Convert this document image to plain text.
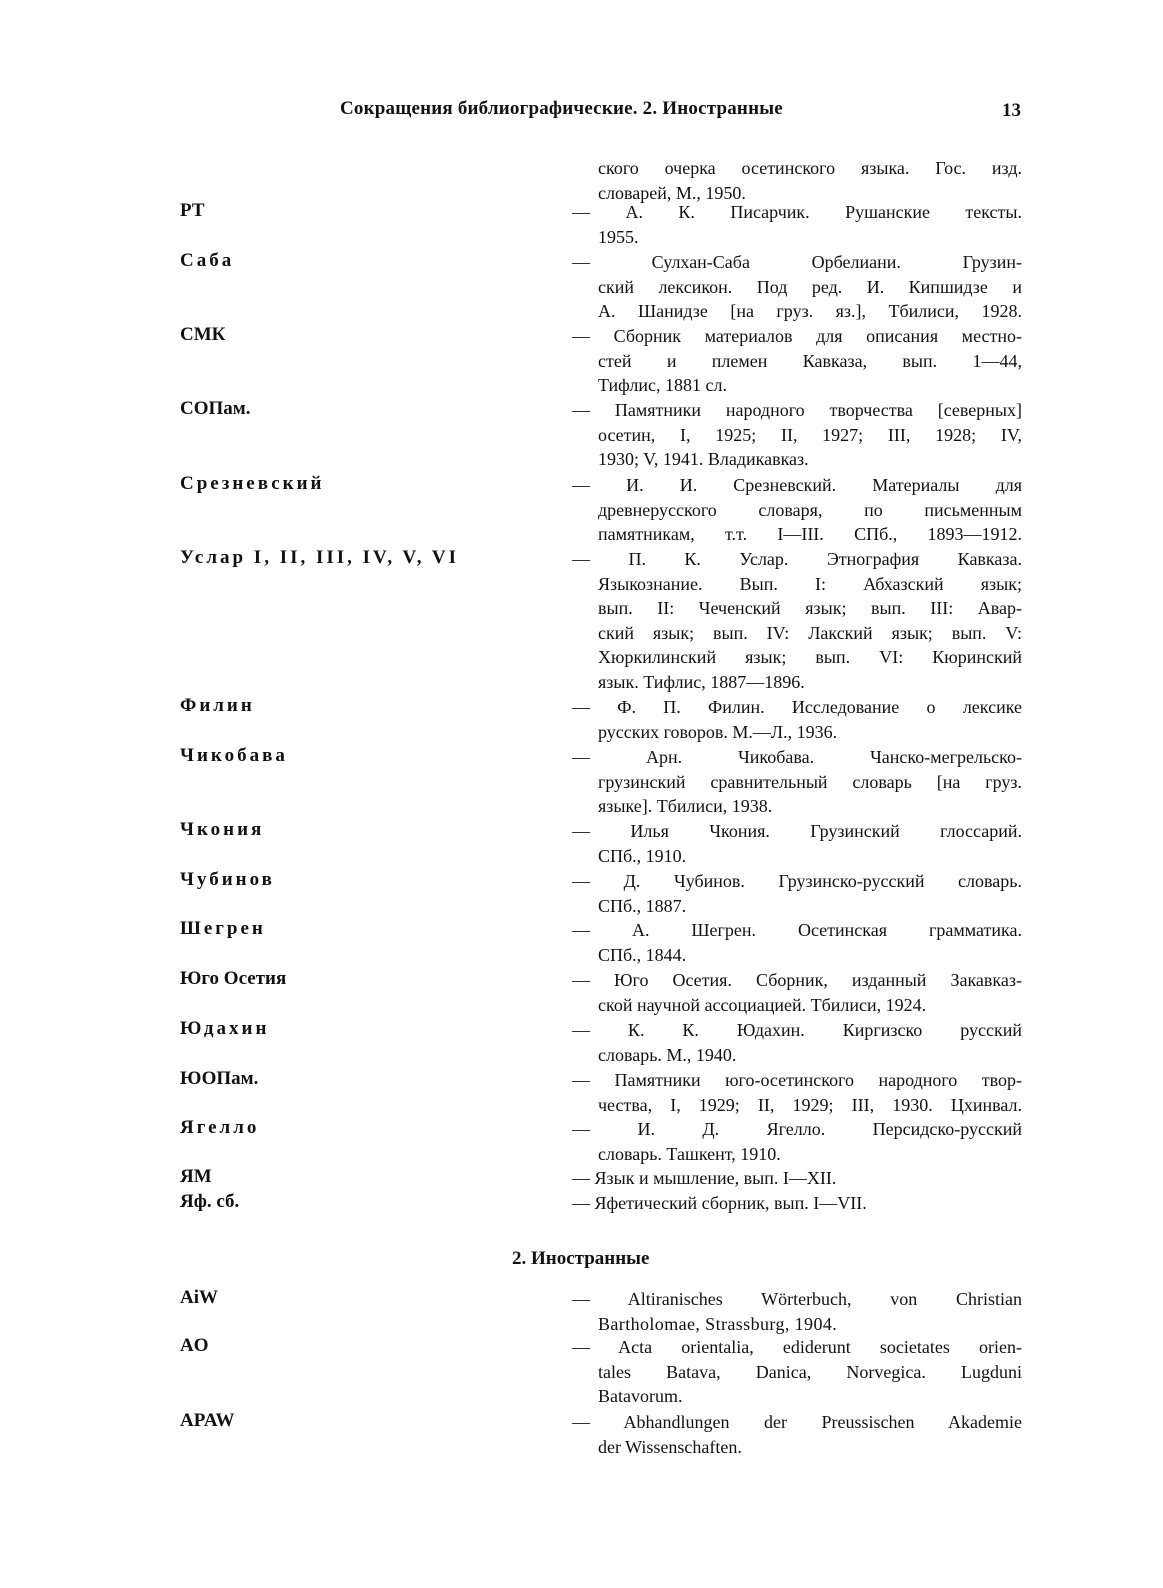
Сокращения библиографические. 2. Иностранные	13
ского очерка осетинского языка. Гос. изд.
словарей, М., 1950.
РТ	— А. К. Писарчик. Рушанские тексты.
1955.
Саба	— Сулхан-Саба Орбелиани. Грузин-
ский лексикон. Под ред. И. Кипшидзе и
А. Шанидзе [на груз. яз.], Тбилиси, 1928.
СМК	— Сборник материалов для описания местно-
стей и племен Кавказа, вып. 1—44,
Тифлис, 1881 сл.
СОПам.	— Памятники народного творчества [северных]
осетин, I, 1925; II, 1927; III, 1928; IV,
1930; V, 1941. Владикавказ.
Срезневский	— И. И. Срезневский. Материалы для
древнерусского словаря, по письменным
памятникам, т.т. I—III. СПб., 1893—1912.
Услар I, II, III, IV, V, VI	— П. К. Услар. Этнография Кавказа.
Языкознание. Вып. I: Абхазский язык;
вып. II: Чеченский язык; вып. III: Авар-
ский язык; вып. IV: Лакский язык; вып. V:
Хюркилинский язык; вып. VI: Кюринский
язык. Тифлис, 1887—1896.
Филин	— Ф. П. Филин. Исследование о лексике
русских говоров. М.—Л., 1936.
Чикобава	— Арн. Чикобава. Чанско-мегрельско-
грузинский сравнительный словарь [на груз.
языке]. Тбилиси, 1938.
Чкония	— Илья Чкония. Грузинский глоссарий.
СПб., 1910.
Чубинов	— Д. Чубинов. Грузинско-русский словарь.
СПб., 1887.
Шегрен	— А. Шегрен. Осетинская грамматика.
СПб., 1844.
Юго Осетия	— Юго Осетия. Сборник, изданный Закавказ-
ской научной ассоциацией. Тбилиси, 1924.
Юдахин	— К. К. Юдахин. Киргизско русский
словарь. М., 1940.
ЮОПам.	— Памятники юго-осетинского народного твор-
чества, I, 1929; II, 1929; III, 1930. Цхинвал.
Ягелло	— И. Д. Ягелло. Персидско-русский
словарь. Ташкент, 1910.
ЯМ	— Язык и мышление, вып. I—XII.
Яф. сб.	— Яфетический сборник, вып. I—VII.
2. Иностранные
AiW	— Altiranisches Wörterbuch, von Christian
Bartholomae, Strassburg, 1904.
AO	— Acta orientalia, ediderunt societates orien-
tales Batava, Danica, Norvegica. Lugduni
Batavorum.
APAW	— Abhandlungen der Preussischen Akademie
der Wissenschaften.
